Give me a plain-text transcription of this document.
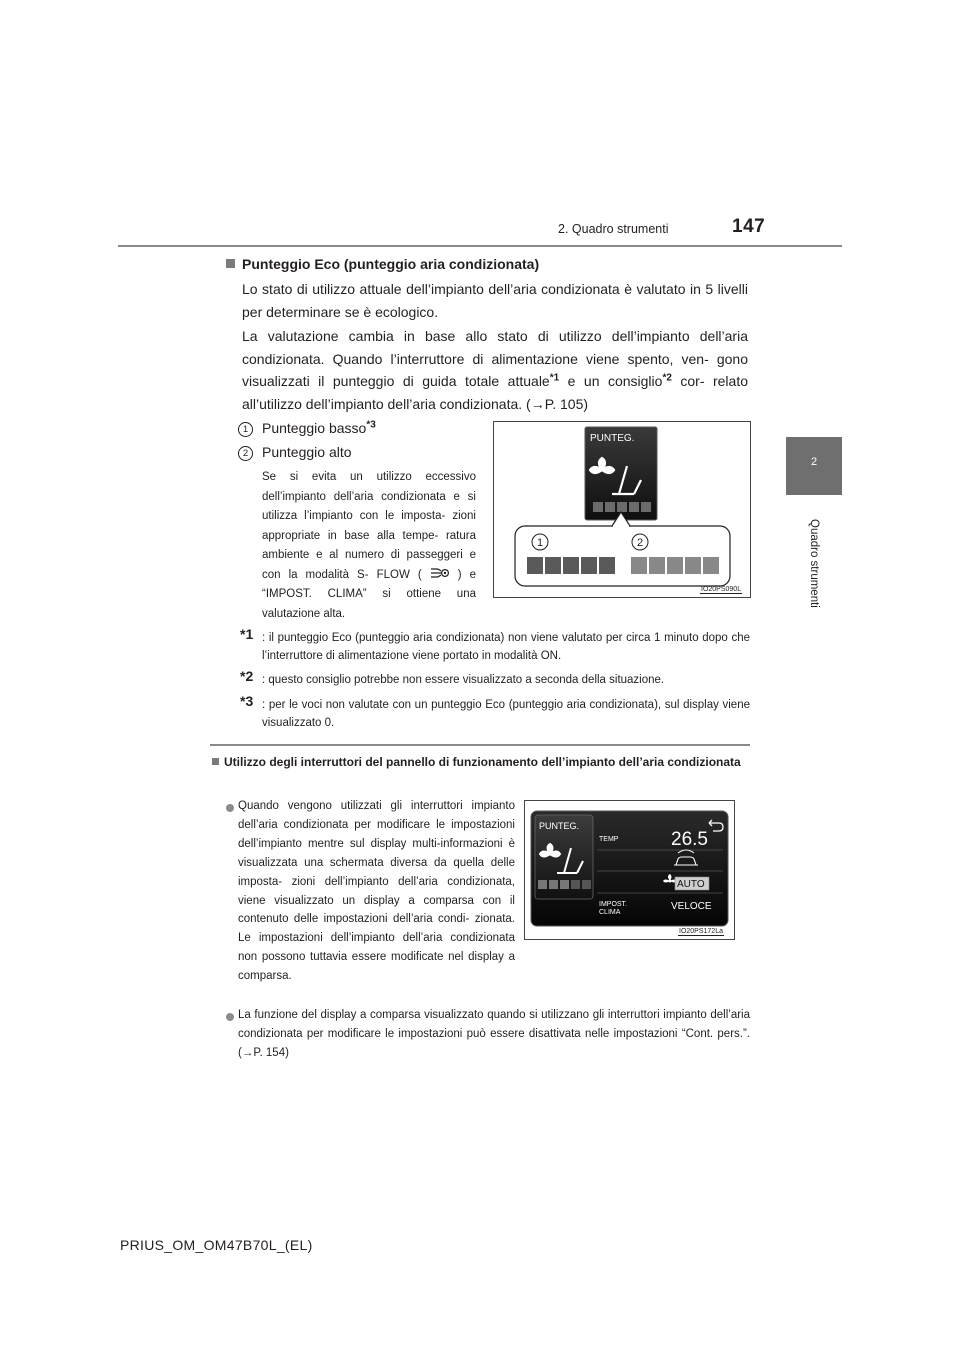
2. Quadro strumenti	147
2
Quadro strumenti
Punteggio Eco (punteggio aria condizionata)
Lo stato di utilizzo attuale dell’impianto dell’aria condizionata è valutato in 5 livelli per determinare se è ecologico.
La valutazione cambia in base allo stato di utilizzo dell’impianto dell’aria condizionata. Quando l’interruttore di alimentazione viene spento, ven- gono visualizzati il punteggio di guida totale attuale$^{*1}$ e un consiglio$^{*2}$ cor- relato all’utilizzo dell’impianto dell’aria condizionata. (→P. 105)
1 Punteggio basso$^{*3}$
2 Punteggio alto
Se si evita un utilizzo eccessivo dell’impianto dell’aria condizionata e si utilizza l’impianto con le imposta- zioni appropriate in base alla tempe- ratura ambiente e al numero di passeggeri e con la modalità S- FLOW (	) e “IMPOST. CLIMA” si ottiene una valutazione alta.
PUNTEG.
1	2
IO20PS090L
*1 : il punteggio Eco (punteggio aria condizionata) non viene valutato per circa 1 minuto dopo che l’interruttore di alimentazione viene portato in modalità ON.
*2 : questo consiglio potrebbe non essere visualizzato a seconda della situazione.
*3 : per le voci non valutate con un punteggio Eco (punteggio aria condizionata), sul display viene visualizzato 0.
Utilizzo degli interruttori del pannello di funzionamento dell’impianto dell’aria condizionata
Quando vengono utilizzati gli interruttori impianto dell’aria condizionata per modificare le impostazioni dell’impianto mentre sul display multi-informazioni è visualizzata una schermata diversa da quella delle imposta- zioni dell’impianto dell’aria condizionata, viene visualizzato un display a comparsa con il contenuto delle impostazioni dell’aria condi- zionata. Le impostazioni dell’impianto dell’aria condizionata non possono tuttavia essere modificate nel display a comparsa.
PUNTEG.
TEMP	26.5
AUTO
IMPOST.
CLIMA
VELOCE
IO20PS172La
La funzione del display a comparsa visualizzato quando si utilizzano gli interruttori impianto dell’aria condizionata per modificare le impostazioni può essere disattivata nelle impostazioni “Cont. pers.”. (→P. 154)
PRIUS_OM_OM47B70L_(EL)
